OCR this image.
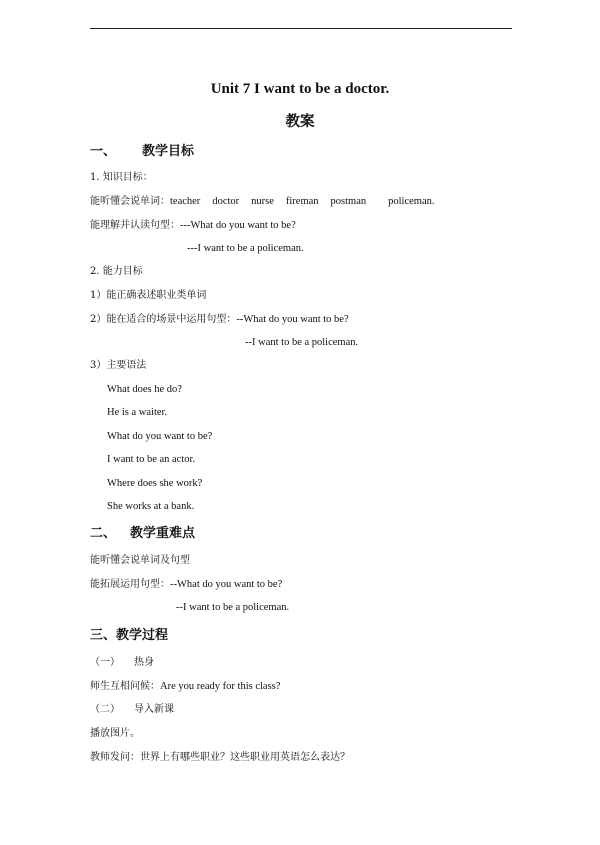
Unit 7 I want to be a doctor.
教案
一、 教学目标
1. 知识目标：
能听懂会说单词：teacher doctor nurse fireman postman policeman.
能理解并认读句型：---What do you want to be?
---I want to be a policeman.
2. 能力目标
1）能正确表述职业类单词
2）能在适合的场景中运用句型：--What do you want to be?
--I want to be a policeman.
3）主要语法
What does he do?
He is a waiter.
What do you want to be?
I want to be an actor.
Where does she work?
She works at a bank.
二、 教学重难点
能听懂会说单词及句型
能拓展运用句型：--What do you want to be?
--I want to be a policeman.
三、教学过程
（一） 热身
师生互相问候：Are you ready for this class?
（二） 导入新课
播放图片。
教师发问：世界上有哪些职业？这些职业用英语怎么表达？
